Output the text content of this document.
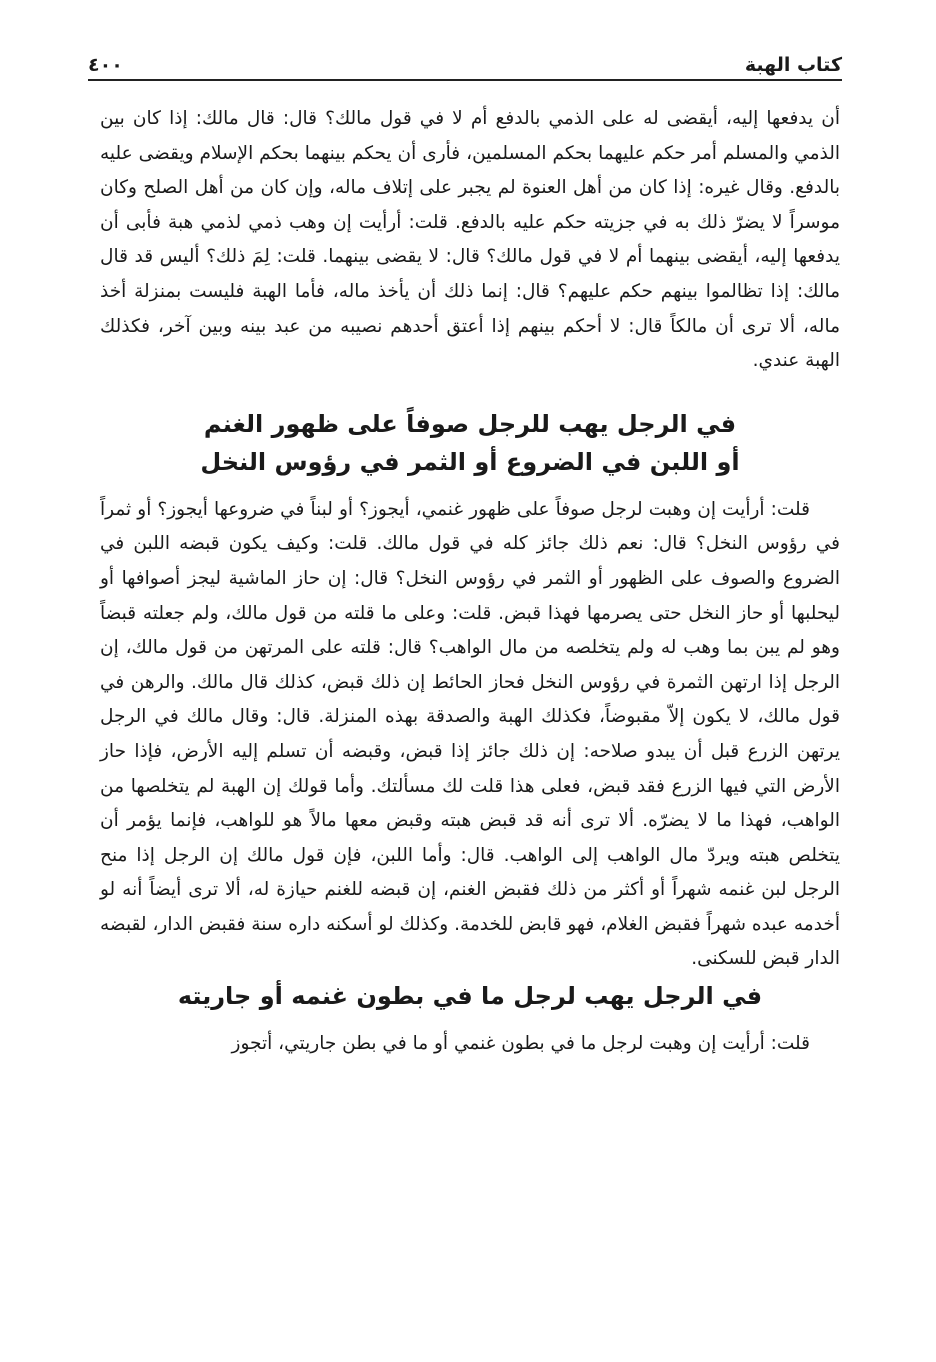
كتاب الهبة
٤٠٠

أن يدفعها إليه، أيقضى له على الذمي بالدفع أم لا في قول مالك؟ قال: قال مالك: إذا كان بين الذمي والمسلم أمر حكم عليهما بحكم المسلمين، فأرى أن يحكم بينهما بحكم الإسلام ويقضى عليه بالدفع. وقال غيره: إذا كان من أهل العنوة لم يجبر على إتلاف ماله، وإن كان من أهل الصلح وكان موسراً لا يضرّ ذلك به في جزيته حكم عليه بالدفع. قلت: أرأيت إن وهب ذمي لذمي هبة فأبى أن يدفعها إليه، أيقضى بينهما أم لا في قول مالك؟ قال: لا يقضى بينهما. قلت: لِمَ ذلك؟ أليس قد قال مالك: إذا تظالموا بينهم حكم عليهم؟ قال: إنما ذلك أن يأخذ ماله، فأما الهبة فليست بمنزلة أخذ ماله، ألا ترى أن مالكاً قال: لا أحكم بينهم إذا أعتق أحدهم نصيبه من عبد بينه وبين آخر، فكذلك الهبة عندي.

في الرجل يهب للرجل صوفاً على ظهور الغنم

أو اللبن في الضروع أو الثمر في رؤوس النخل

قلت: أرأيت إن وهبت لرجل صوفاً على ظهور غنمي، أيجوز؟ أو لبناً في ضروعها أيجوز؟ أو ثمراً في رؤوس النخل؟ قال: نعم ذلك جائز كله في قول مالك. قلت: وكيف يكون قبضه اللبن في الضروع والصوف على الظهور أو الثمر في رؤوس النخل؟ قال: إن حاز الماشية ليجز أصوافها أو ليحلبها أو حاز النخل حتى يصرمها فهذا قبض. قلت: وعلى ما قلته من قول مالك، ولم جعلته قبضاً وهو لم يبن بما وهب له ولم يتخلصه من مال الواهب؟ قال: قلته على المرتهن من قول مالك، إن الرجل إذا ارتهن الثمرة في رؤوس النخل فحاز الحائط إن ذلك قبض، كذلك قال مالك. والرهن في قول مالك، لا يكون إلاّ مقبوضاً، فكذلك الهبة والصدقة بهذه المنزلة. قال: وقال مالك في الرجل يرتهن الزرع قبل أن يبدو صلاحه: إن ذلك جائز إذا قبض، وقبضه أن تسلم إليه الأرض، فإذا حاز الأرض التي فيها الزرع فقد قبض، فعلى هذا قلت لك مسألتك. وأما قولك إن الهبة لم يتخلصها من الواهب، فهذا ما لا يضرّه. ألا ترى أنه قد قبض هبته وقبض معها مالاً هو للواهب، فإنما يؤمر أن يتخلص هبته ويردّ مال الواهب إلى الواهب. قال: وأما اللبن، فإن قول مالك إن الرجل إذا منح الرجل لبن غنمه شهراً أو أكثر من ذلك فقبض الغنم، إن قبضه للغنم حيازة له، ألا ترى أيضاً أنه لو أخدمه عبده شهراً فقبض الغلام، فهو قابض للخدمة. وكذلك لو أسكنه داره سنة فقبض الدار، لقبضه الدار قبض للسكنى.

في الرجل يهب لرجل ما في بطون غنمه أو جاريته

قلت: أرأيت إن وهبت لرجل ما في بطون غنمي أو ما في بطن جاريتي، أتجوز
